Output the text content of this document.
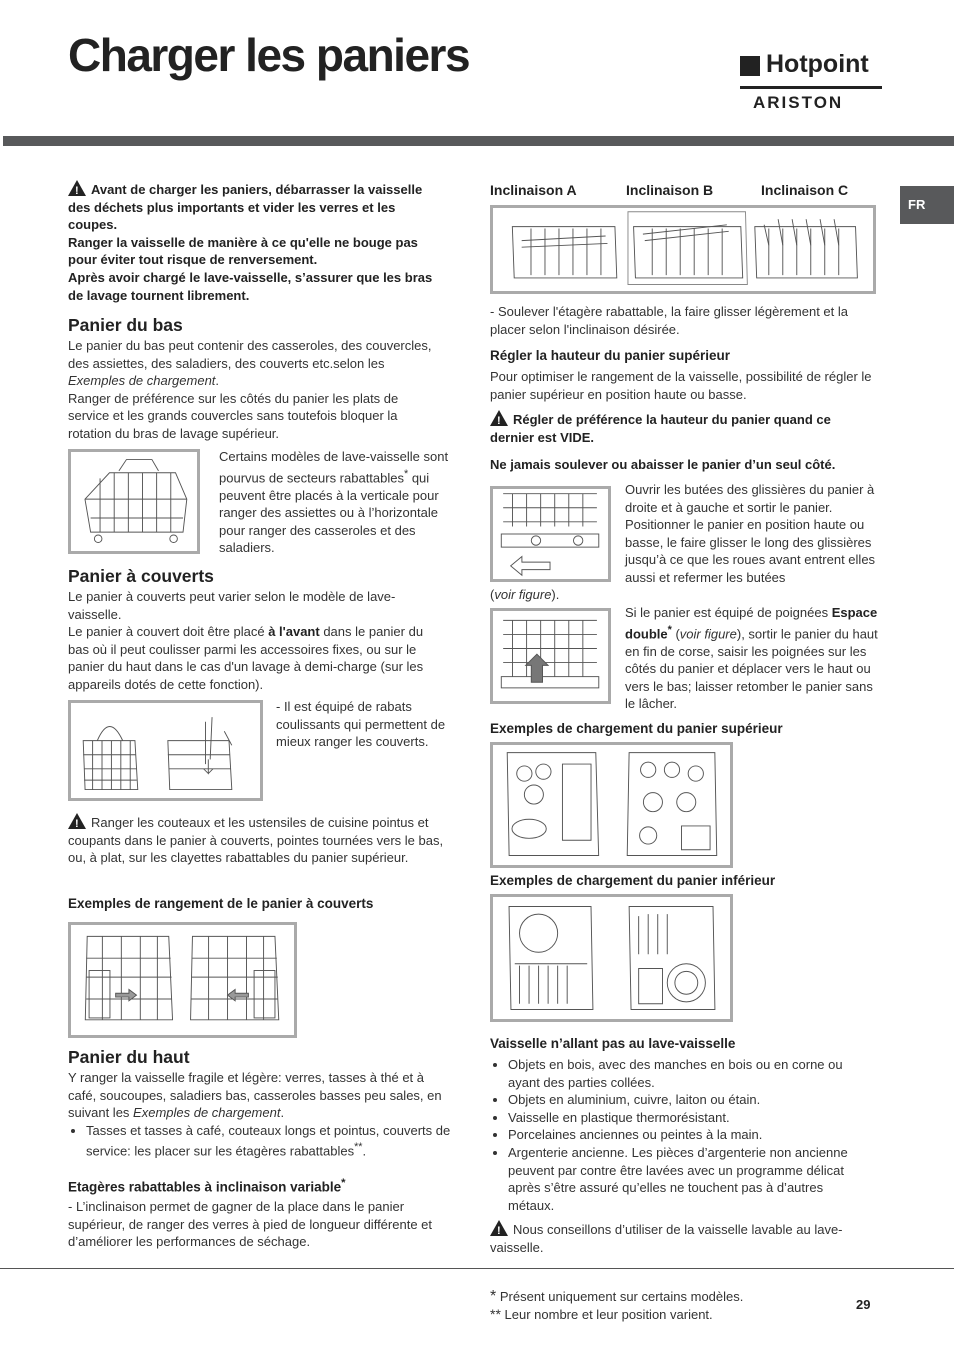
Charger les paniers	Hotpoint
ARISTON
FR

!Avant de charger les paniers, débarrasser la vaisselle des déchets plus importants et vider les verres et les coupes.

Ranger la vaisselle de manière à ce qu'elle ne bouge pas pour éviter tout risque de renversement.

Après avoir chargé le lave-vaisselle, s’assurer que les bras de lavage tournent librement.

Panier du bas

Le panier du bas peut contenir des casseroles, des couvercles, des assiettes, des saladiers, des couverts etc.selon les Exemples de chargement.

Ranger de préférence sur les côtés du panier les plats de service et les grands couvercles sans toutefois bloquer la rotation du bras de lavage supérieur.

Certains modèles de lave-vaisselle sont pourvus de secteurs rabattables* qui peuvent être placés à la verticale pour ranger des assiettes ou à l’horizontale pour ranger des casseroles et des saladiers.

Panier à couverts

Le panier à couverts peut varier selon le modèle de lave-vaisselle.

Le panier à couvert doit être placé à l'avant dans le panier du bas où il peut coulisser parmi les accessoires fixes, ou sur le panier du haut dans le cas d'un lavage à demi-charge (sur les appareils dotés de cette fonction).

- Il est équipé de rabats coulissants qui permettent de mieux ranger les couverts.

!Ranger les couteaux et les ustensiles de cuisine pointus et coupants dans le panier à couverts, pointes tournées vers le bas, ou, à plat, sur les clayettes rabattables du panier supérieur.

Exemples de rangement de le panier à couverts
Panier du haut

Y ranger la vaisselle fragile et légère: verres, tasses à thé et à café, soucoupes, saladiers bas, casseroles basses peu sales, en suivant les Exemples de chargement.

• Tasses et tasses à café, couteaux longs et pointus, couverts de service: les placer sur les étagères rabattables**.
Etagères rabattables à inclinaison variable*

- L’inclinaison permet de gagner de la place dans le panier supérieur, de ranger des verres à pied de longueur différente et d’améliorer les performances de séchage.

Inclinaison A	Inclinaison B	Inclinaison C

- Soulever l'étagère rabattable, la faire glisser légèrement et la placer selon l'inclinaison désirée.

Régler la hauteur du panier supérieur

Pour optimiser le rangement de la vaisselle, possibilité de régler le panier supérieur en position haute ou basse.

!Régler de préférence la hauteur du panier quand ce dernier est VIDE.

Ne jamais soulever ou abaisser le panier d’un seul côté.

Ouvrir les butées des glissières du panier à droite et à gauche et sortir le panier. Positionner le panier en position haute ou basse, le faire glisser le long des glissières jusqu’à ce que les roues avant entrent elles aussi et refermer les butées

(voir figure).

Si le panier est équipé de poignées Espace double* (voir figure), sortir le panier du haut en fin de corse, saisir les poignées sur les côtés du panier et déplacer vers le haut ou vers le bas; laisser retomber le panier sans le lâcher.

Exemples de chargement du panier supérieur
Exemples de chargement du panier inférieur
Vaisselle n’allant pas au lave-vaisselle
• Objets en bois, avec des manches en bois ou en corne ou ayant des parties collées.
• Objets en aluminium, cuivre, laiton ou étain.
• Vaisselle en plastique thermorésistant.
• Porcelaines anciennes ou peintes à la main.
• Argenterie ancienne. Les pièces d’argenterie non ancienne peuvent par contre être lavées avec un programme délicat après s’être assuré qu’elles ne touchent pas à d’autres métaux.

!Nous conseillons d’utiliser de la vaisselle lavable au lave-vaisselle.

* Présent uniquement sur certains modèles.

** Leur nombre et leur position varient.

29
